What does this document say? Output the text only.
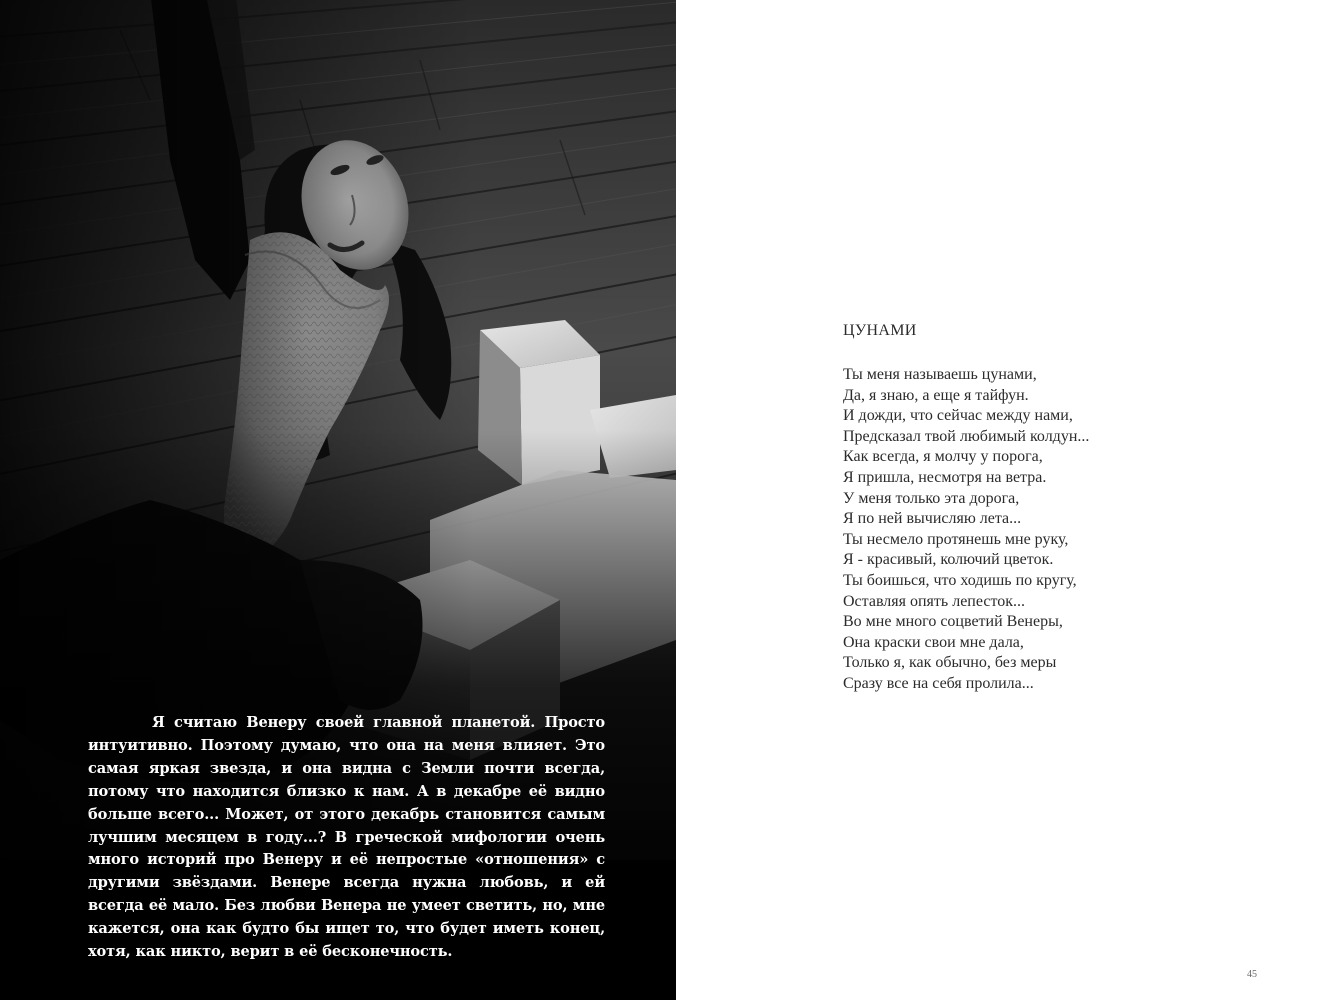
Я считаю Венеру своей главной планетой. Просто интуитивно. Поэтому думаю, что она на меня влияет. Это самая яркая звезда, и она видна с Земли почти всегда, потому что находится близко к нам. А в декабре её видно больше всего... Может, от этого декабрь становится самым лучшим месяцем в году...? В греческой мифологии очень много историй про Венеру и её непростые «отношения» с другими звёздами. Венере всегда нужна любовь, и ей всегда её мало. Без любви Венера не умеет светить, но, мне кажется, она как будто бы ищет то, что будет иметь конец, хотя, как никто, верит в её бесконечность.

ЦУНАМИ
Ты меня называешь цунами,
Да, я знаю, а еще я тайфун.
И дожди, что сейчас между нами,
Предсказал твой любимый колдун...
Как всегда, я молчу у порога,
Я пришла, несмотря на ветра.
У меня только эта дорога,
Я по ней вычисляю лета...
Ты несмело протянешь мне руку,
Я - красивый, колючий цветок.
Ты боишься, что ходишь по кругу,
Оставляя опять лепесток...
Во мне много соцветий Венеры,
Она краски свои мне дала,
Только я, как обычно, без меры
Сразу все на себя пролила...

45
